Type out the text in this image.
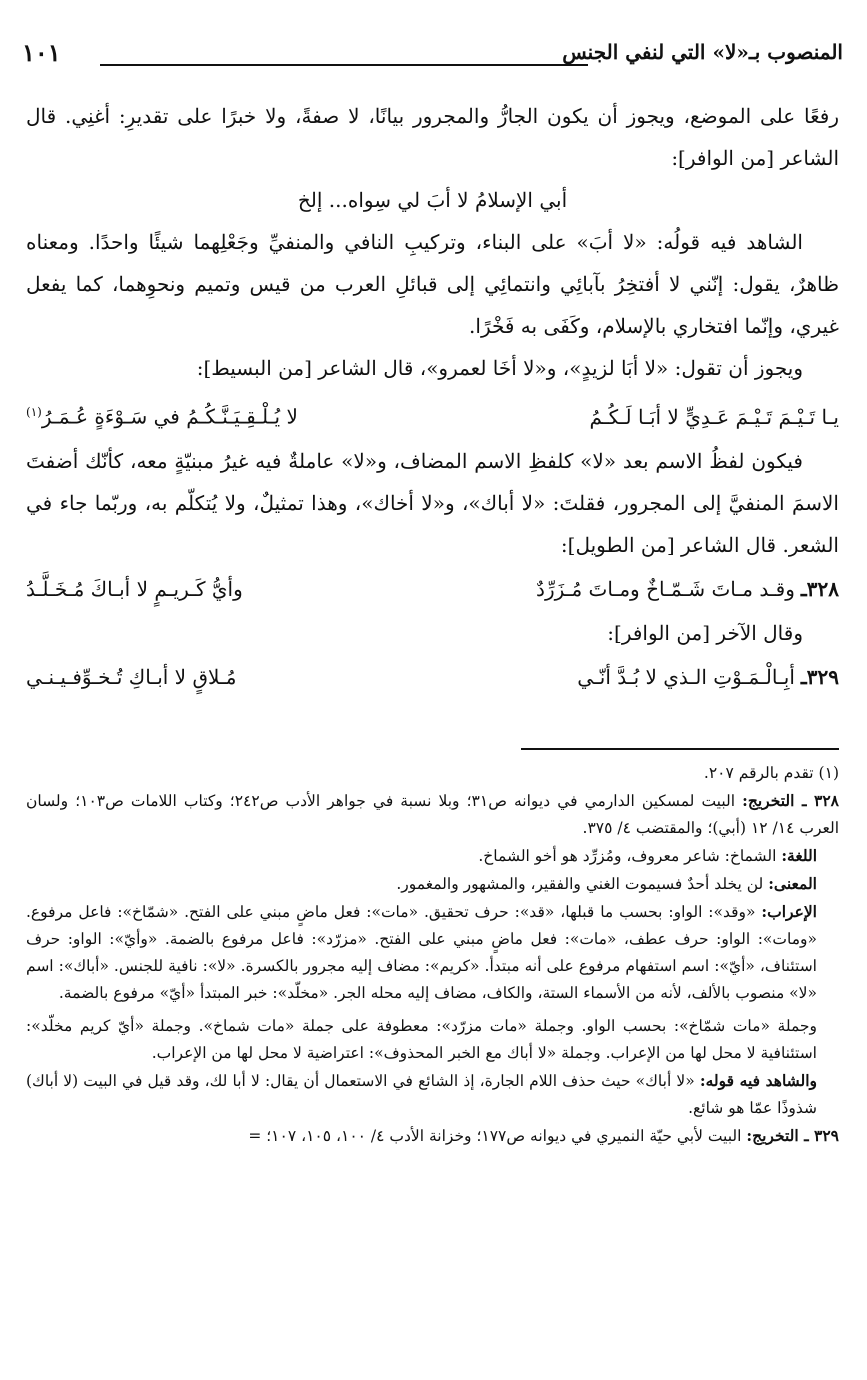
المنصوب بـ«لا» التي لنفي الجنس
١٠١

رفعًا على الموضع، ويجوز أن يكون الجارُّ والمجرور بيانًا، لا صفةً، ولا خبرًا على تقديرِ: أغنِي. قال الشاعر [من الوافر]:

أبي الإسلامُ لا أبَ لي سِواه... إلخ

الشاهد فيه قولُه: «لا أبَ» على البناء، وتركيبِ النافي والمنفيِّ وجَعْلِهما شيئًا واحدًا. ومعناه ظاهرٌ، يقول: إنّني لا أفتخِرُ بآبائِي وانتمائِي إلى قبائلِ العرب من قيس وتميم ونحوِهما، كما يفعل غيري، وإنّما افتخاري بالإسلام، وكَفَى به فَخْرًا.

ويجوز أن تقول: «لا أبَا لزيدٍ»، و«لا أخَا لعمرو»، قال الشاعر [من البسيط]:

يـا تَـيْـمَ تَـيْـمَ عَـدِيٍّ لا أبَـا لَـكُـمُ
لا يُـلْـقِـيَـنَّـكُـمُ في سَـوْءَةٍ عُـمَـرُ$^{(١)}$

فيكون لفظُ الاسم بعد «لا» كلفظِ الاسم المضاف، و«لا» عاملةٌ فيه غيرُ مبنيّةٍ معه، كأنّك أضفتَ الاسمَ المنفيَّ إلى المجرور، فقلتَ: «لا أباك»، و«لا أخاك»، وهذا تمثيلٌ، ولا يُتكلّم به، وربّما جاء في الشعر. قال الشاعر [من الطويل]:

٣٢٨ـ
وقـد مـاتَ شَـمّـاخٌ ومـاتَ مُـزَرِّدٌ
وأيُّ كَـريـمٍ لا أبـاكَ مُـخَـلَّـدُ

وقال الآخر [من الوافر]:

٣٢٩ـ
أبِـالْـمَـوْتِ الـذي لا بُـدَّ أنّـي
مُـلاقٍ لا أبـاكِ تُـخـوِّفـيـنـي

(١) تقدم بالرقم ٢٠٧.

٣٢٨ ـ التخريج: البيت لمسكين الدارمي في ديوانه ص٣١؛ وبلا نسبة في جواهر الأدب ص٢٤٢؛ وكتاب اللامات ص١٠٣؛ ولسان العرب ١٤/ ١٢ (أبي)؛ والمقتضب ٤/ ٣٧٥.

اللغة: الشماخ: شاعر معروف، ومُزرِّد هو أخو الشماخ.

المعنى: لن يخلد أحدٌ فسيموت الغني والفقير، والمشهور والمغمور.

الإعراب: «وقد»: الواو: بحسب ما قبلها، «قد»: حرف تحقيق. «مات»: فعل ماضٍ مبني على الفتح. «شمّاخ»: فاعل مرفوع. «ومات»: الواو: حرف عطف، «مات»: فعل ماضٍ مبني على الفتح. «مزرّد»: فاعل مرفوع بالضمة. «وأيّ»: الواو: حرف استئناف، «أيّ»: اسم استفهام مرفوع على أنه مبتدأ. «كريم»: مضاف إليه مجرور بالكسرة. «لا»: نافية للجنس. «أباك»: اسم «لا» منصوب بالألف، لأنه من الأسماء الستة، والكاف، مضاف إليه محله الجر. «مخلّد»: خبر المبتدأ «أيّ» مرفوع بالضمة.

وجملة «مات شمّاخ»: بحسب الواو. وجملة «مات مزرّد»: معطوفة على جملة «مات شماخ». وجملة «أيّ كريم مخلّد»: استئنافية لا محل لها من الإعراب. وجملة «لا أباك مع الخبر المحذوف»: اعتراضية لا محل لها من الإعراب.

والشاهد فيه قوله: «لا أباك» حيث حذف اللام الجارة، إذ الشائع في الاستعمال أن يقال: لا أبا لك، وقد قيل في البيت (لا أباك) شذوذًا عمّا هو شائع.

٣٢٩ ـ التخريج: البيت لأبي حيّة النميري في ديوانه ص١٧٧؛ وخزانة الأدب ٤/ ١٠٠، ١٠٥، ١٠٧؛ =
